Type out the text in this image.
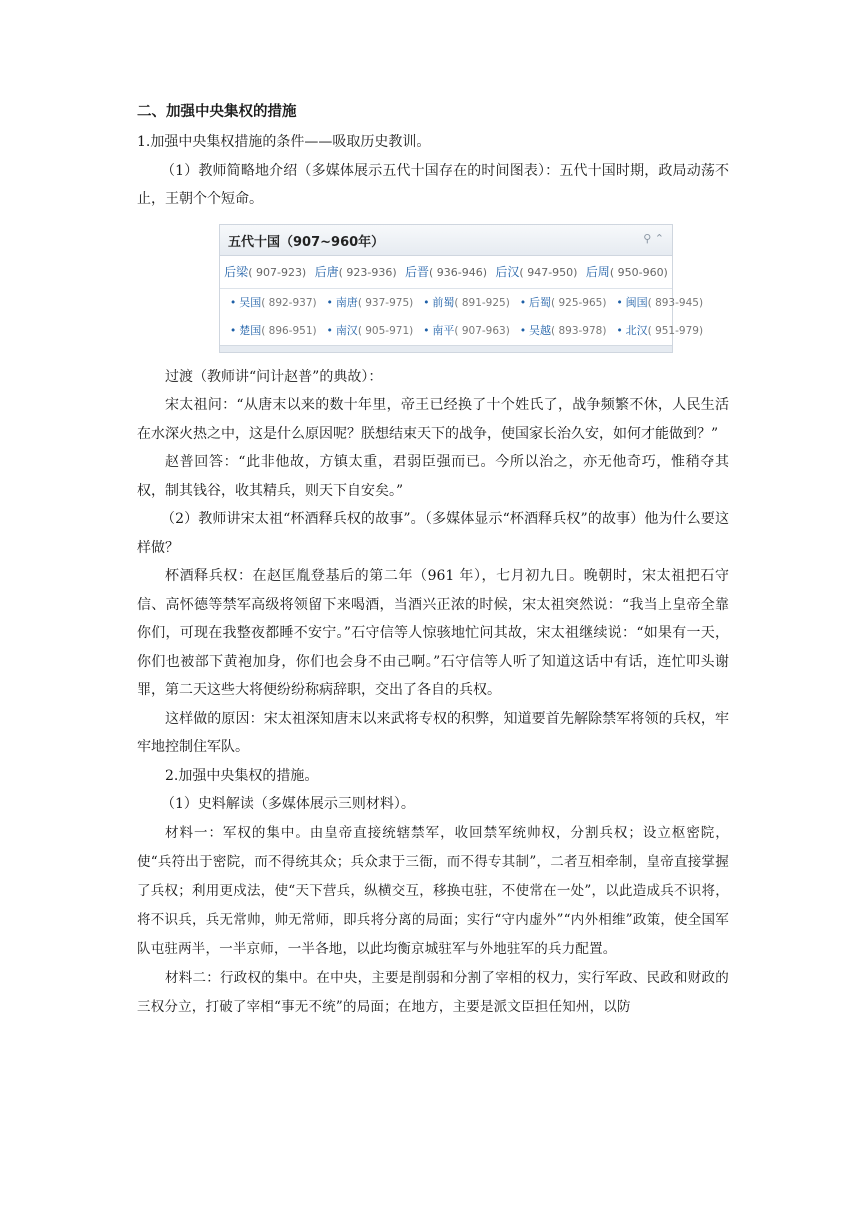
二、加强中央集权的措施

1.加强中央集权措施的条件——吸取历史教训。

（1）教师简略地介绍（多媒体展示五代十国存在的时间图表）：五代十国时期，政局动荡不止，王朝个个短命。

五代十国（907~960年）	⚲ ⌃
后梁( 907-923) 后唐( 923-936) 后晋( 936-946) 后汉( 947-950) 后周( 950-960)
• 吴国( 892-937) • 南唐( 937-975) • 前蜀( 891-925) • 后蜀( 925-965) • 闽国( 893-945)
• 楚国( 896-951) • 南汉( 905-971) • 南平( 907-963) • 吴越( 893-978) • 北汉( 951-979)

过渡（教师讲“问计赵普”的典故）：

宋太祖问：“从唐末以来的数十年里，帝王已经换了十个姓氏了，战争频繁不休，人民生活在水深火热之中，这是什么原因呢？朕想结束天下的战争，使国家长治久安，如何才能做到？”

赵普回答：“此非他故，方镇太重，君弱臣强而已。今所以治之，亦无他奇巧，惟稍夺其权，制其钱谷，收其精兵，则天下自安矣。”

（2）教师讲宋太祖“杯酒释兵权的故事”。（多媒体显示“杯酒释兵权”的故事）他为什么要这样做？

杯酒释兵权：在赵匡胤登基后的第二年（961 年），七月初九日。晚朝时，宋太祖把石守信、高怀德等禁军高级将领留下来喝酒，当酒兴正浓的时候，宋太祖突然说：“我当上皇帝全靠你们，可现在我整夜都睡不安宁。”石守信等人惊骇地忙问其故，宋太祖继续说：“如果有一天，你们也被部下黄袍加身，你们也会身不由己啊。”石守信等人听了知道这话中有话，连忙叩头谢罪，第二天这些大将便纷纷称病辞职，交出了各自的兵权。

这样做的原因：宋太祖深知唐末以来武将专权的积弊，知道要首先解除禁军将领的兵权，牢牢地控制住军队。

2.加强中央集权的措施。

（1）史料解读（多媒体展示三则材料）。

材料一：军权的集中。由皇帝直接统辖禁军，收回禁军统帅权，分割兵权；设立枢密院，使“兵符出于密院，而不得统其众；兵众隶于三衙，而不得专其制”，二者互相牵制，皇帝直接掌握了兵权；利用更戍法，使“天下营兵，纵横交互，移换屯驻，不使常在一处”，以此造成兵不识将，将不识兵，兵无常帅，帅无常师，即兵将分离的局面；实行“守内虚外”“内外相维”政策，使全国军队屯驻两半，一半京师，一半各地，以此均衡京城驻军与外地驻军的兵力配置。

材料二：行政权的集中。在中央，主要是削弱和分割了宰相的权力，实行军政、民政和财政的三权分立，打破了宰相“事无不统”的局面；在地方，主要是派文臣担任知州，以防
